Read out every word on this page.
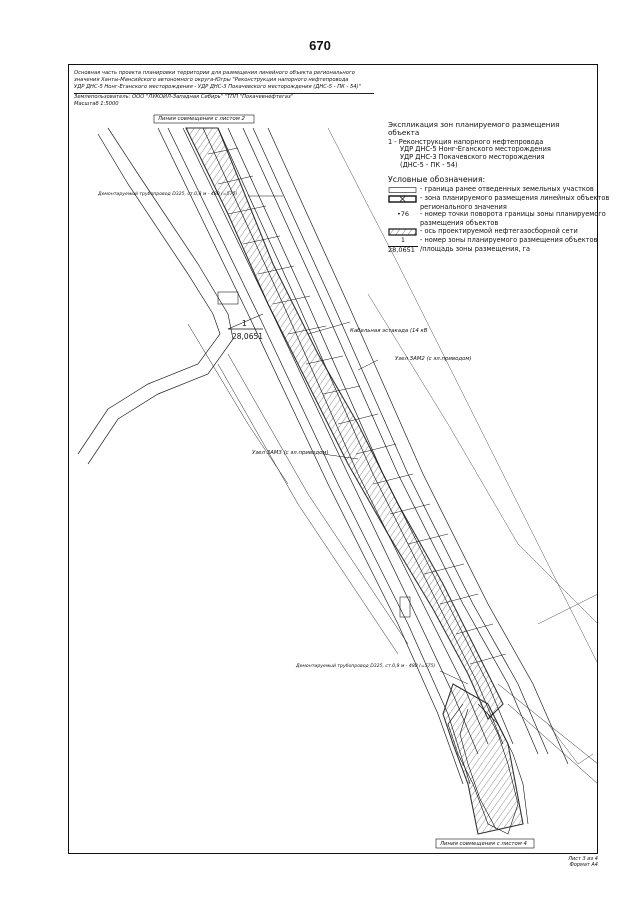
670
Основная часть проекта планировки территории для размещения линейного объекта регионального
значения Ханты-Мансийского автономного округа-Югры "Реконструкция напорного нефтепровода
УДР ДНС-5 Нонг-Еганского месторождения - УДР ДНС-3 Покачевского месторождения (ДНС-5 - ПК - 54)"
Землепользователь: ООО "ЛУКОЙЛ-Западная Сибирь" "ТПП "Покачевнефтегаз"
Масштаб 1:5000
Экспликация зон планируемого размещения объекта
1 - Реконструкция напорного нефтепровода
УДР ДНС-5 Нонг-Еганского месторождения
УДР ДНС-3 Покачевского месторождения
(ДНС-5 - ПК - 54)
Условные обозначения:
- граница ранее отведенных земельных участков
- зона планируемого размещения линейных объектов
регионального значения
•76	- номер точки поворота границы зоны планируемого
размещения объектов
- ось проектируемой нефтегазосборной сети
1	- номер зоны планируемого размещения объектов
28,0651 /площадь зоны размещения, га
Линия совмещения с листом 2
Линия совмещения с листом 4
Демонтируемый трубопровод D325, ст.0,8 м - 480 (=575)
Кабельная эстакада (14 кВ
Узел ЗАМ2 (с эл.приводом)
Узел ЗАМ3 (с эл.приводом)
Демонтируемый трубопровод D325, ст.0,8 м - 480 (=575)
1
28,0651
Лист 3 из 4
Формат А4
